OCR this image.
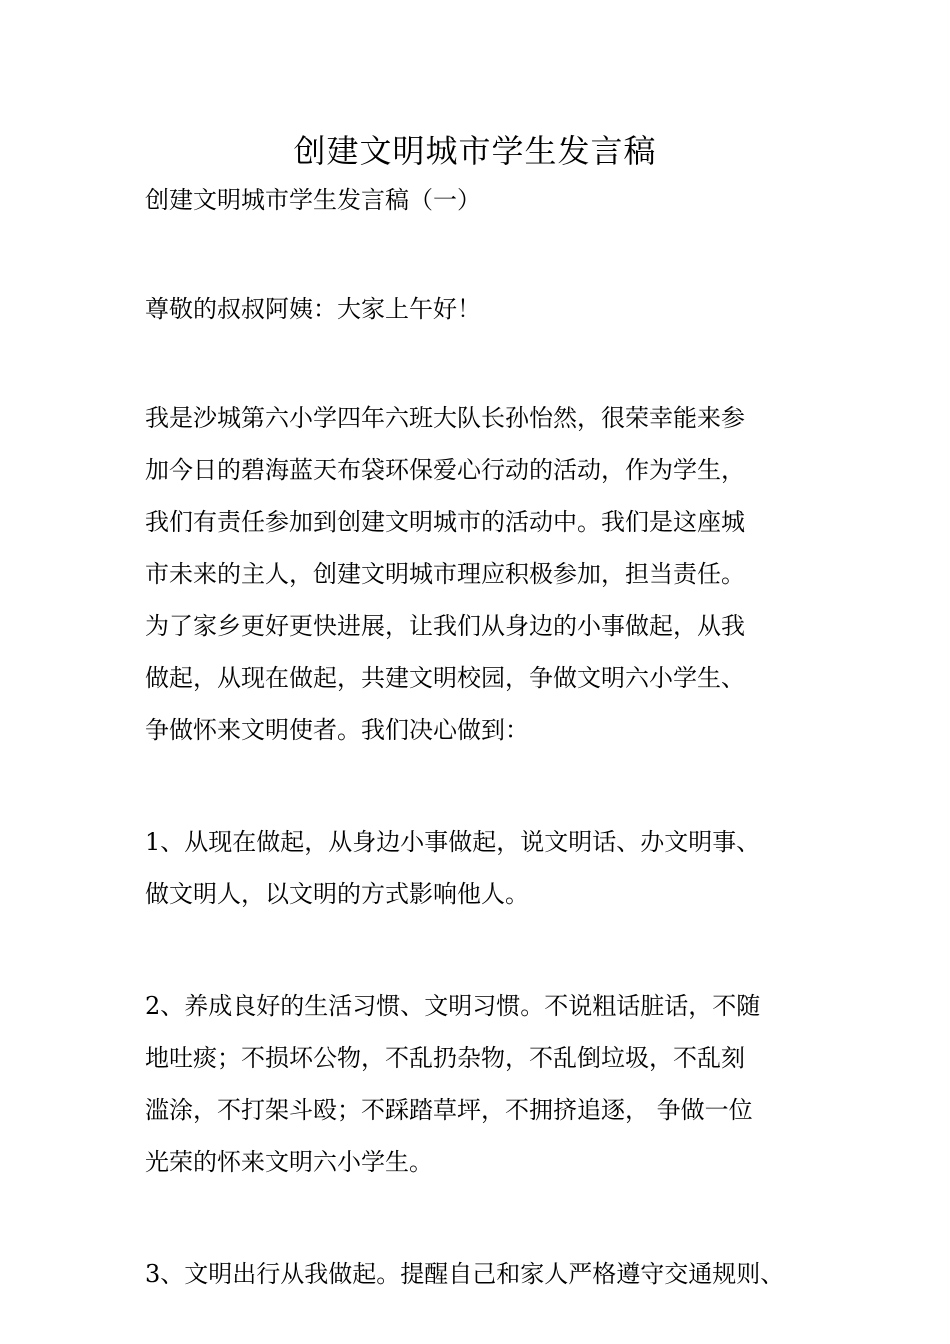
创建文明城市学生发言稿

创建文明城市学生发言稿（一）

尊敬的叔叔阿姨：大家上午好！

我是沙城第六小学四年六班大队长孙怡然，很荣幸能来参
加今日的碧海蓝天布袋环保爱心行动的活动，作为学生，
我们有责任参加到创建文明城市的活动中。我们是这座城
市未来的主人，创建文明城市理应积极参加，担当责任。
为了家乡更好更快进展，让我们从身边的小事做起，从我
做起，从现在做起，共建文明校园，争做文明六小学生、
争做怀来文明使者。我们决心做到：

1、从现在做起，从身边小事做起，说文明话、办文明事、
做文明人，以文明的方式影响他人。

2、养成良好的生活习惯、文明习惯。不说粗话脏话，不随
地吐痰；不损坏公物，不乱扔杂物，不乱倒垃圾，不乱刻
滥涂，不打架斗殴；不踩踏草坪，不拥挤追逐， 争做一位
光荣的怀来文明六小学生。

3、文明出行从我做起。提醒自己和家人严格遵守交通规则、
